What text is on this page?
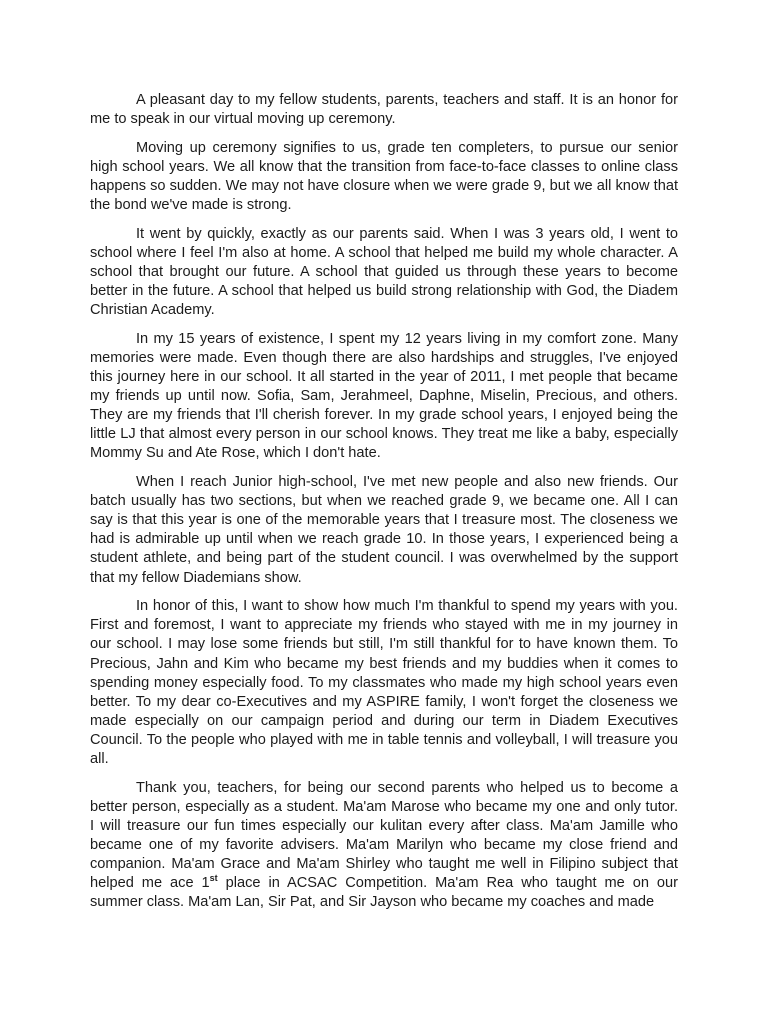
A pleasant day to my fellow students, parents, teachers and staff. It is an honor for me to speak in our virtual moving up ceremony.

Moving up ceremony signifies to us, grade ten completers, to pursue our senior high school years. We all know that the transition from face-to-face classes to online class happens so sudden. We may not have closure when we were grade 9, but we all know that the bond we've made is strong.

It went by quickly, exactly as our parents said. When I was 3 years old, I went to school where I feel I'm also at home. A school that helped me build my whole character. A school that brought our future. A school that guided us through these years to become better in the future. A school that helped us build strong relationship with God, the Diadem Christian Academy.

In my 15 years of existence, I spent my 12 years living in my comfort zone. Many memories were made. Even though there are also hardships and struggles, I've enjoyed this journey here in our school. It all started in the year of 2011, I met people that became my friends up until now. Sofia, Sam, Jerahmeel, Daphne, Miselin, Precious, and others. They are my friends that I'll cherish forever. In my grade school years, I enjoyed being the little LJ that almost every person in our school knows. They treat me like a baby, especially Mommy Su and Ate Rose, which I don't hate.

When I reach Junior high-school, I've met new people and also new friends. Our batch usually has two sections, but when we reached grade 9, we became one. All I can say is that this year is one of the memorable years that I treasure most. The closeness we had is admirable up until when we reach grade 10. In those years, I experienced being a student athlete, and being part of the student council. I was overwhelmed by the support that my fellow Diademians show.

In honor of this, I want to show how much I'm thankful to spend my years with you. First and foremost, I want to appreciate my friends who stayed with me in my journey in our school. I may lose some friends but still, I'm still thankful for to have known them. To Precious, Jahn and Kim who became my best friends and my buddies when it comes to spending money especially food. To my classmates who made my high school years even better. To my dear co-Executives and my ASPIRE family, I won't forget the closeness we made especially on our campaign period and during our term in Diadem Executives Council. To the people who played with me in table tennis and volleyball, I will treasure you all.

Thank you, teachers, for being our second parents who helped us to become a better person, especially as a student. Ma'am Marose who became my one and only tutor. I will treasure our fun times especially our kulitan every after class. Ma'am Jamille who became one of my favorite advisers. Ma'am Marilyn who became my close friend and companion. Ma'am Grace and Ma'am Shirley who taught me well in Filipino subject that helped me ace 1st place in ACSAC Competition. Ma'am Rea who taught me on our summer class. Ma'am Lan, Sir Pat, and Sir Jayson who became my coaches and made
